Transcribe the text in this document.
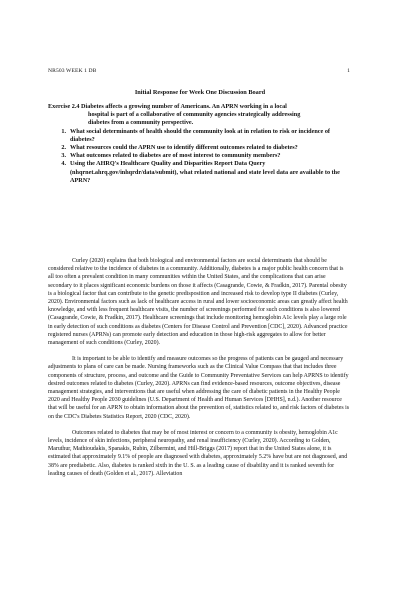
NR503 WEEK 1 DB	1
Initial Response for Week One Discussion Board
Exercise 2.4 Diabetes affects a growing number of Americans. An APRN working in a local
hospital is part of a collaborative of community agencies strategically addressing
diabetes from a community perspective.
1. What social determinants of health should the community look at in relation to risk or incidence of diabetes?
2. What resources could the APRN use to identify different outcomes related to diabetes?
3. What outcomes related to diabetes are of most interest to community members?
4. Using the AHRQ's Healthcare Quality and Disparities Report Data Query (nhqrnet.ahrq.gov/inhqrdr/data/submit), what related national and state level data are available to the APRN?

Curley (2020) explains that both biological and environmental factors are social determinants that should be considered relative to the incidence of diabetes in a community. Additionally, diabetes is a major public health concern that is all too often a prevalent condition in many communities within the United States, and the complications that can arise secondary to it places significant economic burdens on those it affects (Casagrande, Cowie, & Fradkin, 2017). Parental obesity is a biological factor that can contribute to the genetic predisposition and increased risk to develop type II diabetes (Curley, 2020). Environmental factors such as lack of healthcare access in rural and lower socioeconomic areas can greatly affect health knowledge, and with less frequent healthcare visits, the number of screenings performed for such conditions is also lowered (Casagrande, Cowie, & Fradkin, 2017). Healthcare screenings that include monitoring hemoglobin A1c levels play a large role in early detection of such conditions as diabetes (Centers for Disease Control and Prevention [CDC], 2020). Advanced practice registered nurses (APRNs) can promote early detection and education in those high-risk aggregates to allow for better management of such conditions (Curley, 2020).

It is important to be able to identify and measure outcomes so the progress of patients can be gauged and necessary adjustments to plans of care can be made. Nursing frameworks such as the Clinical Value Compass that that includes three components of structure, process, and outcome and the Guide to Community Preventative Services can help APRNS to identify desired outcomes related to diabetes (Curley, 2020). APRNs can find evidence-based resources, outcome objectives, disease management strategies, and interventions that are useful when addressing the care of diabetic patients in the Healthy People 2020 and Healthy People 2030 guidelines (U.S. Department of Health and Human Services [DHHS], n.d.). Another resource that will be useful for an APRN to obtain information about the prevention of, statistics related to, and risk factors of diabetes is on the CDC's Diabetes Statistics Report, 2020 (CDC, 2020).

Outcomes related to diabetes that may be of most interest or concern to a community is obesity, hemoglobin A1c levels, incidence of skin infections, peripheral neuropathy, and renal insufficiency (Curley, 2020). According to Golden, Maruthur, Mathioudakis, Spanakis, Rubin, Zilbermint, and Hill-Briggs (2017) report that in the United States alone, it is estimated that approximately 9.1% of people are diagnosed with diabetes, approximately 5.2% have but are not diagnosed, and 38% are prediabetic. Also, diabetes is ranked sixth in the U. S. as a leading cause of disability and it is ranked seventh for leading causes of death (Golden et al., 2017). Alleviation
